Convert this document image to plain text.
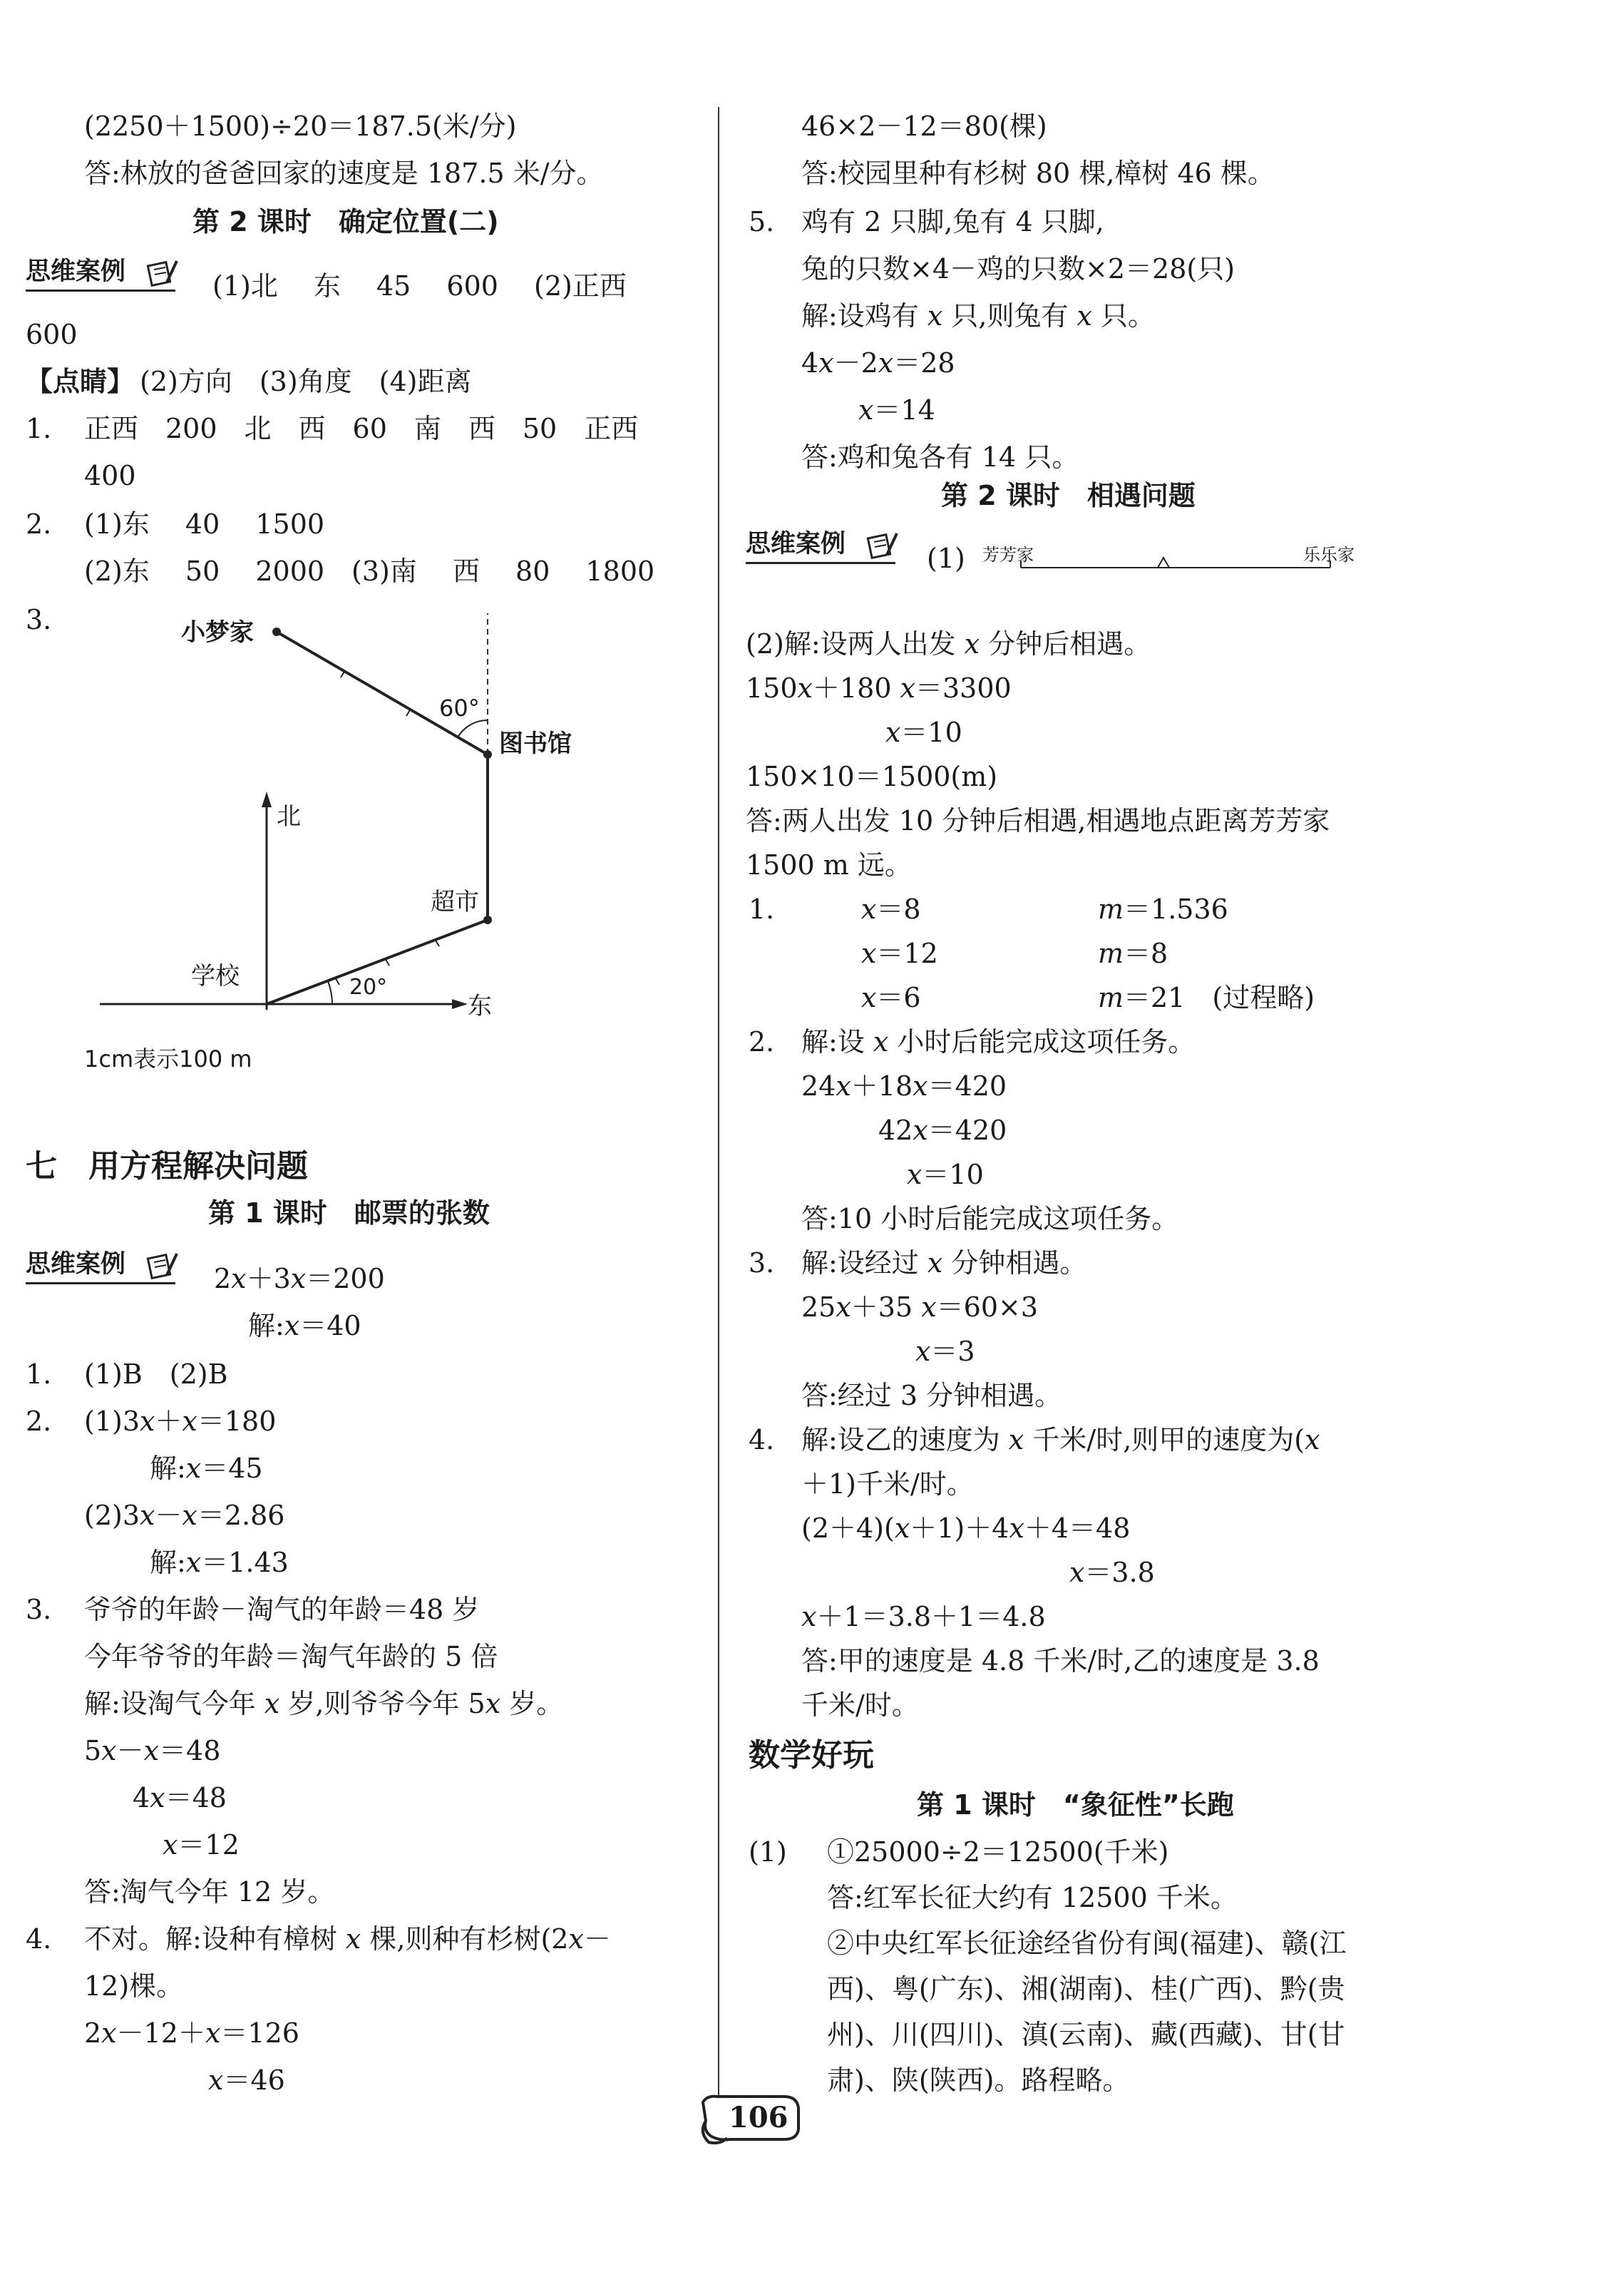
(2250＋1500)÷20＝187.5(米/分)
答:林放的爸爸回家的速度是 187.5 米/分。
第 2 课时　确定位置(二)
思维案例	(1)北　 东　 45　 600　 (2)正西
600
【点睛】 (2)方向　(3)角度　(4)距离
1. 正西　200　北　西　60　南　西　50　正西
400
2. (1)东　 40　 1500
(2)东　 50　 2000　(3)南　 西　 80　 1800
3.	小梦家
图书馆
60°
北
超市
学校	20°
东
1cm表示100 m
七　用方程解决问题
第 1 课时　邮票的张数
思维案例	2𝑥＋3𝑥＝200
解:𝑥＝40
1. (1)B　(2)B
2. (1)3𝑥＋𝑥＝180
解:𝑥＝45
(2)3𝑥－𝑥＝2.86
解:𝑥＝1.43
3. 爷爷的年龄－淘气的年龄＝48 岁
今年爷爷的年龄＝淘气年龄的 5 倍
解:设淘气今年 𝑥 岁,则爷爷今年 5𝑥 岁。
5𝑥－𝑥＝48
4𝑥＝48
𝑥＝12
答:淘气今年 12 岁。
4. 不对。解:设种有樟树 𝑥 棵,则种有杉树(2𝑥－
12)棵。
2𝑥－12＋𝑥＝126
𝑥＝46
46×2－12＝80(棵)
答:校园里种有杉树 80 棵,樟树 46 棵。
5. 鸡有 2 只脚,兔有 4 只脚,
兔的只数×4－鸡的只数×2＝28(只)
解:设鸡有 𝑥 只,则兔有 𝑥 只。
4𝑥－2𝑥＝28
𝑥＝14
答:鸡和兔各有 14 只。
第 2 课时　相遇问题
思维案例	(1) 芳芳家	乐乐家
(2)解:设两人出发 𝑥 分钟后相遇。
150𝑥＋180 𝑥＝3300
𝑥＝10
150×10＝1500(m)
答:两人出发 10 分钟后相遇,相遇地点距离芳芳家
1500 m 远。
1.	𝑥＝8	𝑚＝1.536
𝑥＝12	𝑚＝8
𝑥＝6	𝑚＝21　(过程略)
2. 解:设 𝑥 小时后能完成这项任务。
24𝑥＋18𝑥＝420
42𝑥＝420
𝑥＝10
答:10 小时后能完成这项任务。
3. 解:设经过 𝑥 分钟相遇。
25𝑥＋35 𝑥＝60×3
𝑥＝3
答:经过 3 分钟相遇。
4. 解:设乙的速度为 𝑥 千米/时,则甲的速度为(𝑥
＋1)千米/时。
(2＋4)(𝑥＋1)＋4𝑥＋4＝48
𝑥＝3.8
𝑥＋1＝3.8＋1＝4.8
答:甲的速度是 4.8 千米/时,乙的速度是 3.8
千米/时。
数学好玩
第 1 课时　“象征性”长跑
(1) ①25000÷2＝12500(千米)
答:红军长征大约有 12500 千米。
②中央红军长征途经省份有闽(福建)、赣(江
西)、粤(广东)、湘(湖南)、桂(广西)、黔(贵
州)、川(四川)、滇(云南)、藏(西藏)、甘(甘
肃)、陕(陕西)。路程略。
106
